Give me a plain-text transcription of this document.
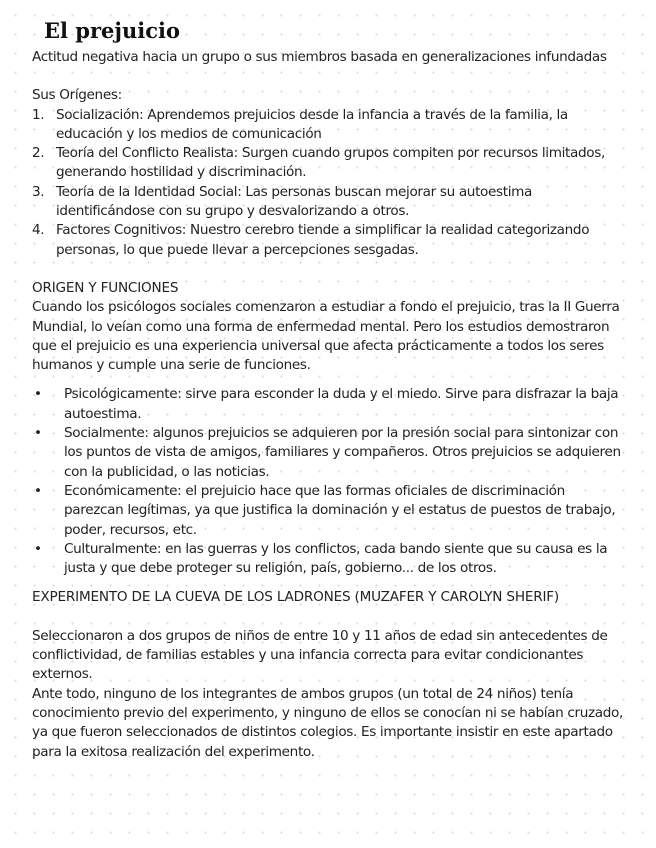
El prejuicio

Actitud negativa hacia un grupo o sus miembros basada en generalizaciones infundadas

Sus Orígenes:

1. Socialización: Aprendemos prejuicios desde la infancia a través de la familia, la educación y los medios de comunicación
2. Teoría del Conflicto Realista: Surgen cuando grupos compiten por recursos limitados, generando hostilidad y discriminación.
3. Teoría de la Identidad Social: Las personas buscan mejorar su autoestima identificándose con su grupo y desvalorizando a otros.
4. Factores Cognitivos: Nuestro cerebro tiende a simplificar la realidad categorizando personas, lo que puede llevar a percepciones sesgadas.

ORIGEN Y FUNCIONES

Cuando los psicólogos sociales comenzaron a estudiar a fondo el prejuicio, tras la II Guerra Mundial, lo veían como una forma de enfermedad mental. Pero los estudios demostraron que el prejuicio es una experiencia universal que afecta prácticamente a todos los seres humanos y cumple una serie de funciones.

•	Psicológicamente: sirve para esconder la duda y el miedo. Sirve para disfrazar la baja autoestima.
•	Socialmente: algunos prejuicios se adquieren por la presión social para sintonizar con los puntos de vista de amigos, familiares y compañeros. Otros prejuicios se adquieren con la publicidad, o las noticias.
•	Económicamente: el prejuicio hace que las formas oficiales de discriminación parezcan legítimas, ya que justifica la dominación y el estatus de puestos de trabajo, poder, recursos, etc.
•	Culturalmente: en las guerras y los conflictos, cada bando siente que su causa es la justa y que debe proteger su religión, país, gobierno... de los otros.

EXPERIMENTO DE LA CUEVA DE LOS LADRONES (MUZAFER Y CAROLYN SHERIF)

Seleccionaron a dos grupos de niños de entre 10 y 11 años de edad sin antecedentes de conflictividad, de familias estables y una infancia correcta para evitar condicionantes externos.

Ante todo, ninguno de los integrantes de ambos grupos (un total de 24 niños) tenía conocimiento previo del experimento, y ninguno de ellos se conocían ni se habían cruzado, ya que fueron seleccionados de distintos colegios. Es importante insistir en este apartado para la exitosa realización del experimento.
